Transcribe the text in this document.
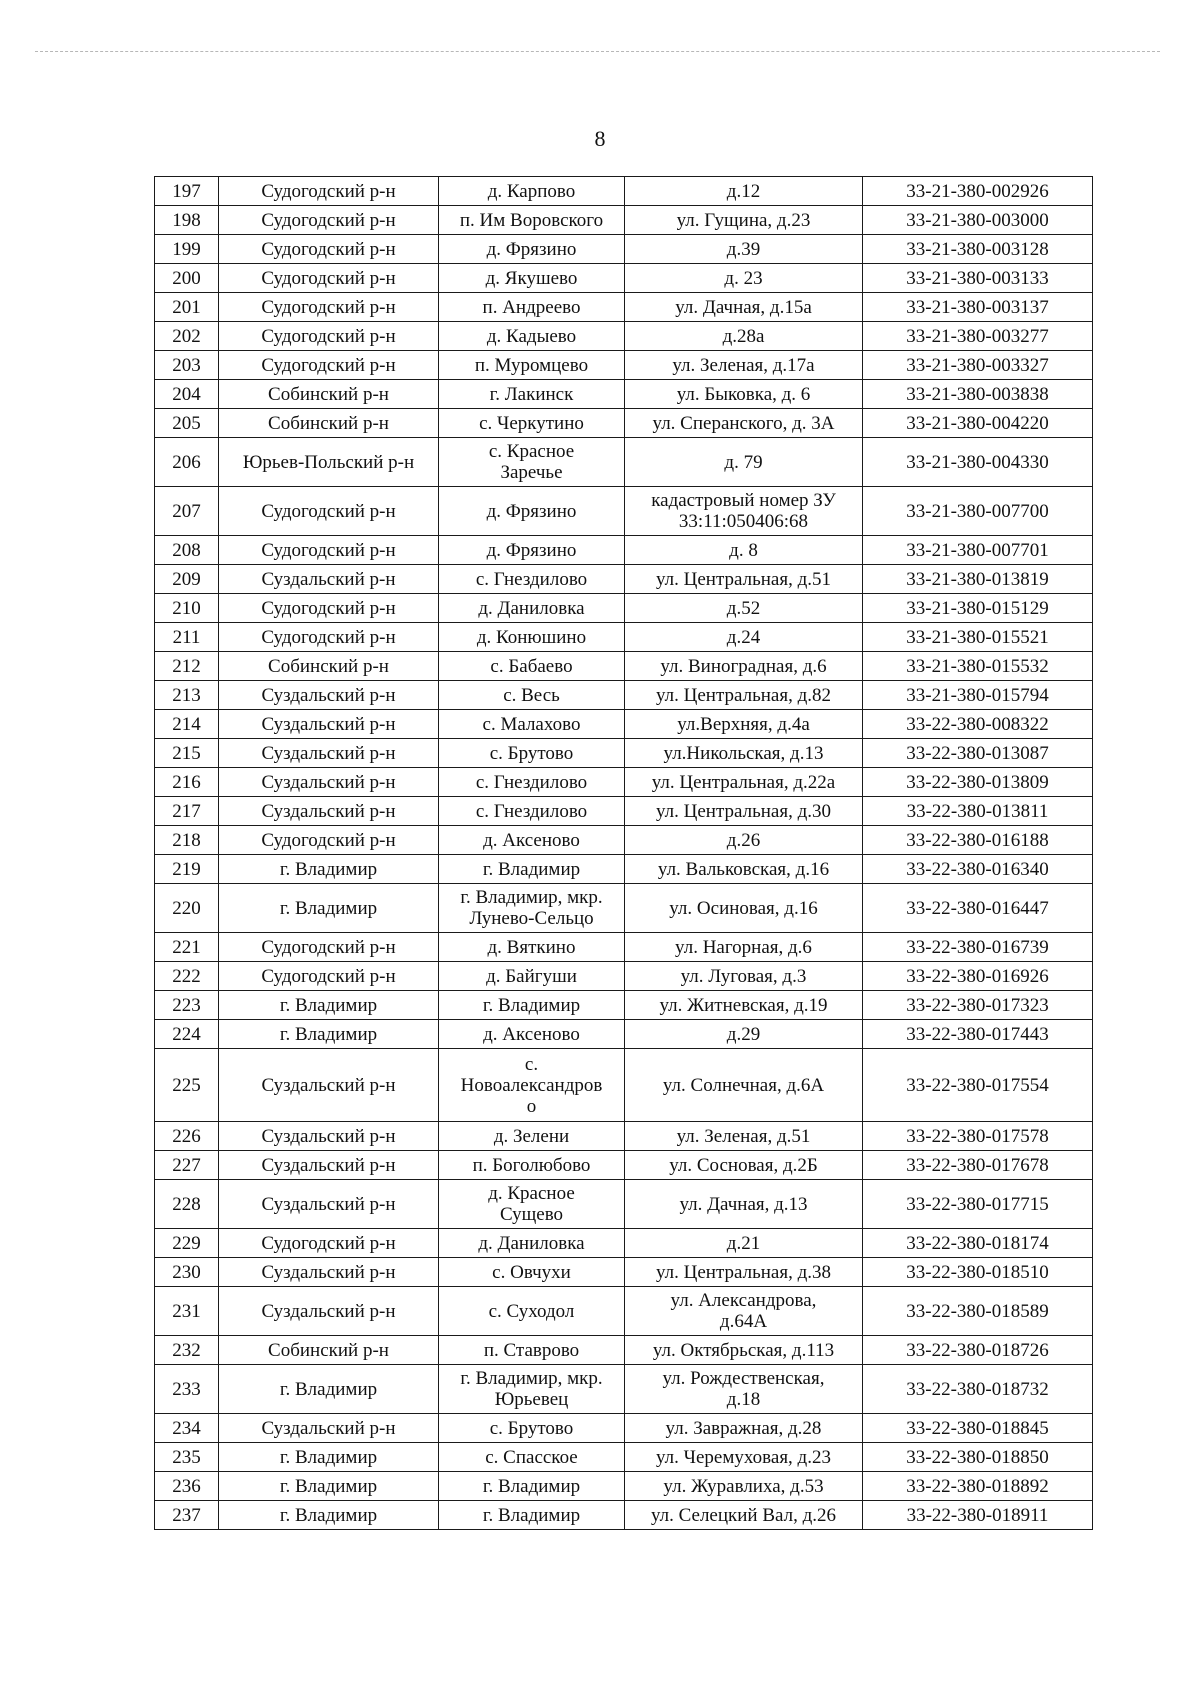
8
197	Судогодский р-н	д. Карпово	д.12	33-21-380-002926
198	Судогодский р-н	п. Им Воровского	ул. Гущина, д.23	33-21-380-003000
199	Судогодский р-н	д. Фрязино	д.39	33-21-380-003128
200	Судогодский р-н	д. Якушево	д. 23	33-21-380-003133
201	Судогодский р-н	п. Андреево	ул. Дачная, д.15а	33-21-380-003137
202	Судогодский р-н	д. Кадыево	д.28а	33-21-380-003277
203	Судогодский р-н	п. Муромцево	ул. Зеленая, д.17а	33-21-380-003327
204	Собинский р-н	г. Лакинск	ул. Быковка, д. 6	33-21-380-003838
205	Собинский р-н	с. Черкутино	ул. Сперанского, д. 3А	33-21-380-004220
206	Юрьев-Польский р-н	с. Красное
Заречье	д. 79	33-21-380-004330
207	Судогодский р-н	д. Фрязино	кадастровый номер ЗУ
33:11:050406:68	33-21-380-007700
208	Судогодский р-н	д. Фрязино	д. 8	33-21-380-007701
209	Суздальский р-н	с. Гнездилово	ул. Центральная, д.51	33-21-380-013819
210	Судогодский р-н	д. Даниловка	д.52	33-21-380-015129
211	Судогодский р-н	д. Конюшино	д.24	33-21-380-015521
212	Собинский р-н	с. Бабаево	ул. Виноградная, д.6	33-21-380-015532
213	Суздальский р-н	с. Весь	ул. Центральная, д.82	33-21-380-015794
214	Суздальский р-н	с. Малахово	ул.Верхняя, д.4а	33-22-380-008322
215	Суздальский р-н	с. Брутово	ул.Никольская, д.13	33-22-380-013087
216	Суздальский р-н	с. Гнездилово	ул. Центральная, д.22а	33-22-380-013809
217	Суздальский р-н	с. Гнездилово	ул. Центральная, д.30	33-22-380-013811
218	Судогодский р-н	д. Аксеново	д.26	33-22-380-016188
219	г. Владимир	г. Владимир	ул. Вальковская, д.16	33-22-380-016340
220	г. Владимир	г. Владимир, мкр.
Лунево-Сельцо	ул. Осиновая, д.16	33-22-380-016447
221	Судогодский р-н	д. Вяткино	ул. Нагорная, д.6	33-22-380-016739
222	Судогодский р-н	д. Байгуши	ул. Луговая, д.3	33-22-380-016926
223	г. Владимир	г. Владимир	ул. Житневская, д.19	33-22-380-017323
224	г. Владимир	д. Аксеново	д.29	33-22-380-017443
225	Суздальский р-н	с.
Новоалександров
о	ул. Солнечная, д.6А	33-22-380-017554
226	Суздальский р-н	д. Зелени	ул. Зеленая, д.51	33-22-380-017578
227	Суздальский р-н	п. Боголюбово	ул. Сосновая, д.2Б	33-22-380-017678
228	Суздальский р-н	д. Красное
Сущево	ул. Дачная, д.13	33-22-380-017715
229	Судогодский р-н	д. Даниловка	д.21	33-22-380-018174
230	Суздальский р-н	с. Овчухи	ул. Центральная, д.38	33-22-380-018510
231	Суздальский р-н	с. Суходол	ул. Александрова,
д.64А	33-22-380-018589
232	Собинский р-н	п. Ставрово	ул. Октябрьская, д.113	33-22-380-018726
233	г. Владимир	г. Владимир, мкр.
Юрьевец	ул. Рождественская,
д.18	33-22-380-018732
234	Суздальский р-н	с. Брутово	ул. Завражная, д.28	33-22-380-018845
235	г. Владимир	с. Спасское	ул. Черемуховая, д.23	33-22-380-018850
236	г. Владимир	г. Владимир	ул. Журавлиха, д.53	33-22-380-018892
237	г. Владимир	г. Владимир	ул. Селецкий Вал, д.26	33-22-380-018911
